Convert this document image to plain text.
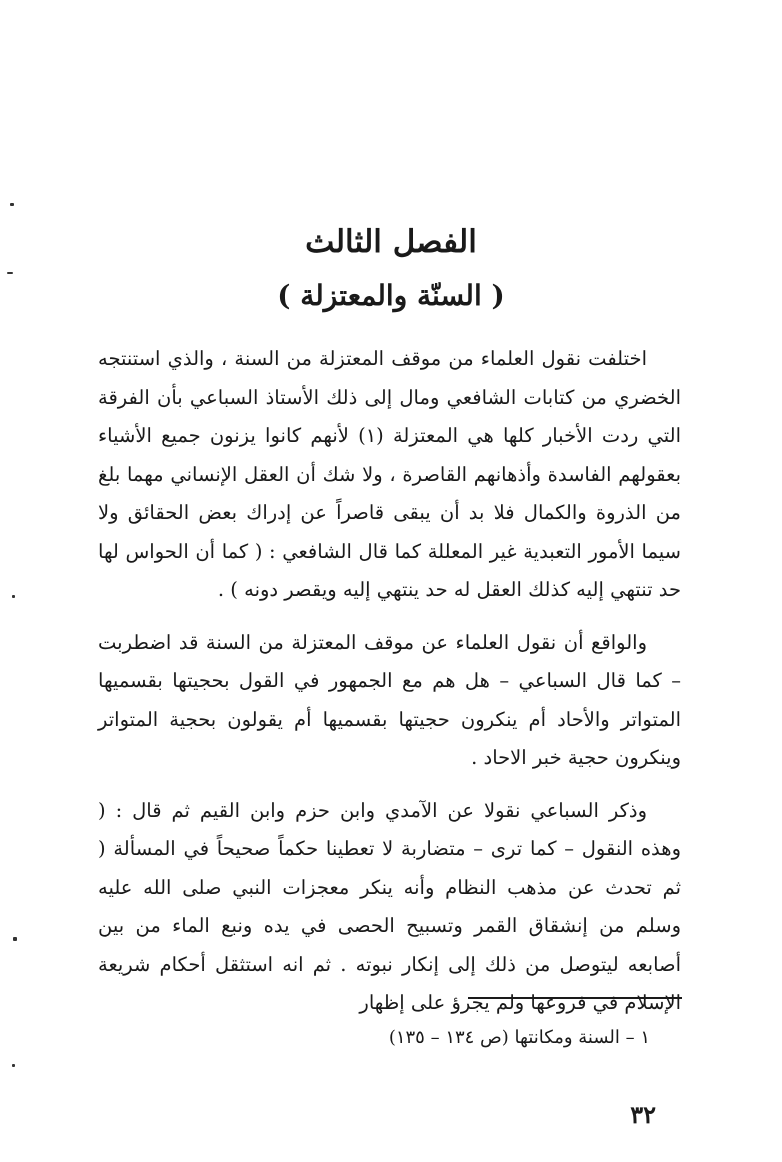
الفصل الثالث
( السنّة والمعتزلة )

اختلفت نقول العلماء من موقف المعتزلة من السنة ، والذي استنتجه الخضري من كتابات الشافعي ومال إلى ذلك الأستاذ السباعي بأن الفرقة التي ردت الأخبار كلها هي المعتزلة (١) لأنهم كانوا يزنون جميع الأشياء بعقولهم الفاسدة وأذهانهم القاصرة ، ولا شك أن العقل الإنساني مهما بلغ من الذروة والكمال فلا بد أن يبقى قاصراً عن إدراك بعض الحقائق ولا سيما الأمور التعبدية غير المعللة كما قال الشافعي : ( كما أن الحواس لها حد تنتهي إليه كذلك العقل له حد ينتهي إليه ويقصر دونه ) .

والواقع أن نقول العلماء عن موقف المعتزلة من السنة قد اضطربت – كما قال السباعي – هل هم مع الجمهور في القول بحجيتها بقسميها المتواتر والأحاد أم ينكرون حجيتها بقسميها أم يقولون بحجية المتواتر وينكرون حجية خبر الاحاد .

وذكر السباعي نقولا عن الآمدي وابن حزم وابن القيم ثم قال : ( وهذه النقول – كما ترى – متضاربة لا تعطينا حكماً صحيحاً في المسألة ( ثم تحدث عن مذهب النظام وأنه ينكر معجزات النبي صلى الله عليه وسلم من إنشقاق القمر وتسبيح الحصى في يده ونبع الماء من بين أصابعه ليتوصل من ذلك إلى إنكار نبوته . ثم انه استثقل أحكام شريعة الإسلام في فروعها ولم يجرؤ على إظهار

١ – السنة ومكانتها (ص ١٣٤ – ١٣٥)
٣٢
